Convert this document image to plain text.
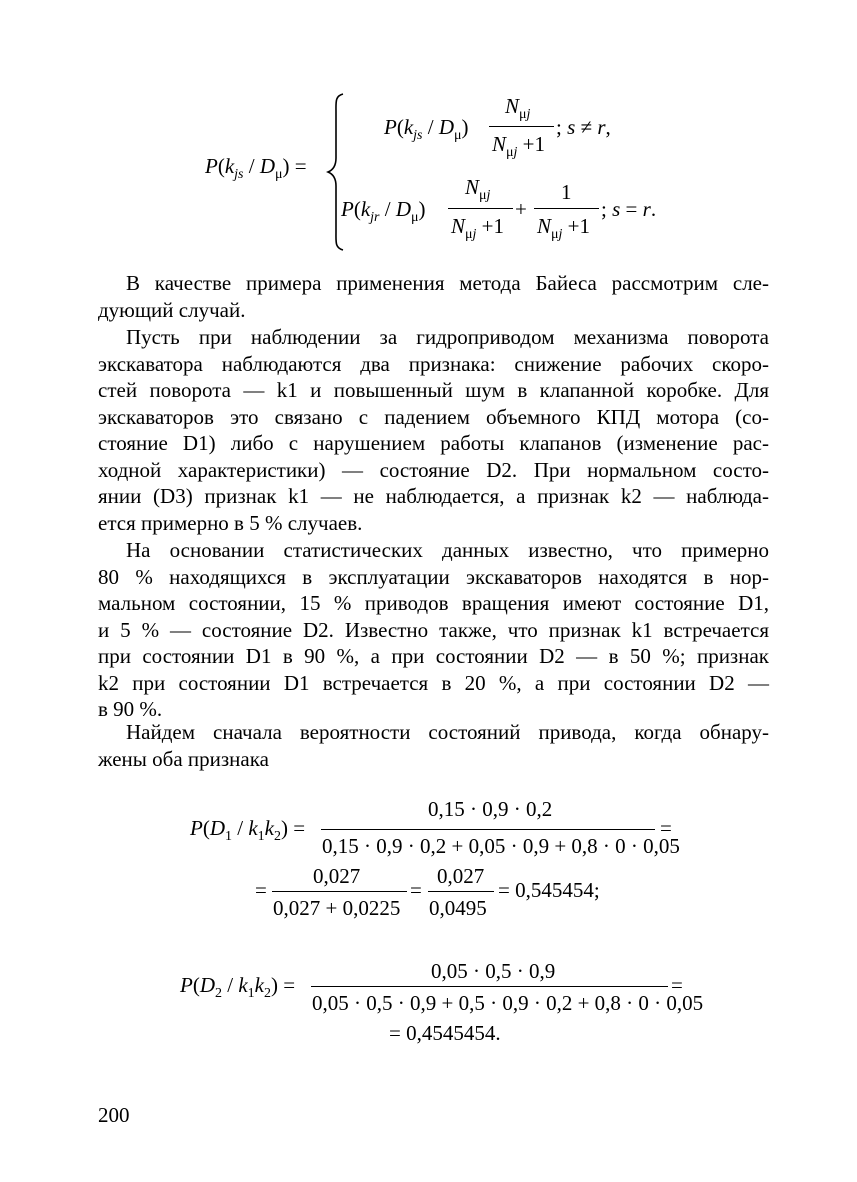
$P(k_{js} / D_\mu)$ =
$P(k_{js} / D_\mu)$
$N_{\mu j}$
$N_{\mu j} +1$
; s ≠ r,
$P(k_{jr} / D_\mu)$
$N_{\mu j}$
$N_{\mu j} +1$
+
1
$N_{\mu j} +1$
; s = r.
В качестве примера применения метода Байеса рассмотрим сле-
дующий случай.
Пусть при наблюдении за гидроприводом механизма поворота
экскаватора наблюдаются два признака: снижение рабочих скоро-
стей поворота — k1 и повышенный шум в клапанной коробке. Для
экскаваторов это связано с падением объемного КПД мотора (со-
стояние D1) либо с нарушением работы клапанов (изменение рас-
ходной характеристики) — состояние D2. При нормальном состо-
янии (D3) признак k1 — не наблюдается, а признак k2 — наблюда-
ется примерно в 5 % случаев.
На основании статистических данных известно, что примерно
80 % находящихся в эксплуатации экскаваторов находятся в нор-
мальном состоянии, 15 % приводов вращения имеют состояние D1,
и 5 % — состояние D2. Известно также, что признак k1 встречается
при состоянии D1 в 90 %, а при состоянии D2 — в 50 %; признак
k2 при состоянии D1 встречается в 20 %, а при состоянии D2 —
в 90 %.
Найдем сначала вероятности состояний привода, когда обнару-
жены оба признака
$P(D_1 / k_1k_2)$ =
0,15 · 0,9 · 0,2
0,15 · 0,9 · 0,2 + 0,05 · 0,9 + 0,8 · 0 · 0,05
=
=
0,027
0,027 + 0,0225
=
0,027
0,0495
= 0,545454;
$P(D_2 / k_1k_2)$ =
0,05 · 0,5 · 0,9
0,05 · 0,5 · 0,9 + 0,5 · 0,9 · 0,2 + 0,8 · 0 · 0,05
=
= 0,4545454.
200
